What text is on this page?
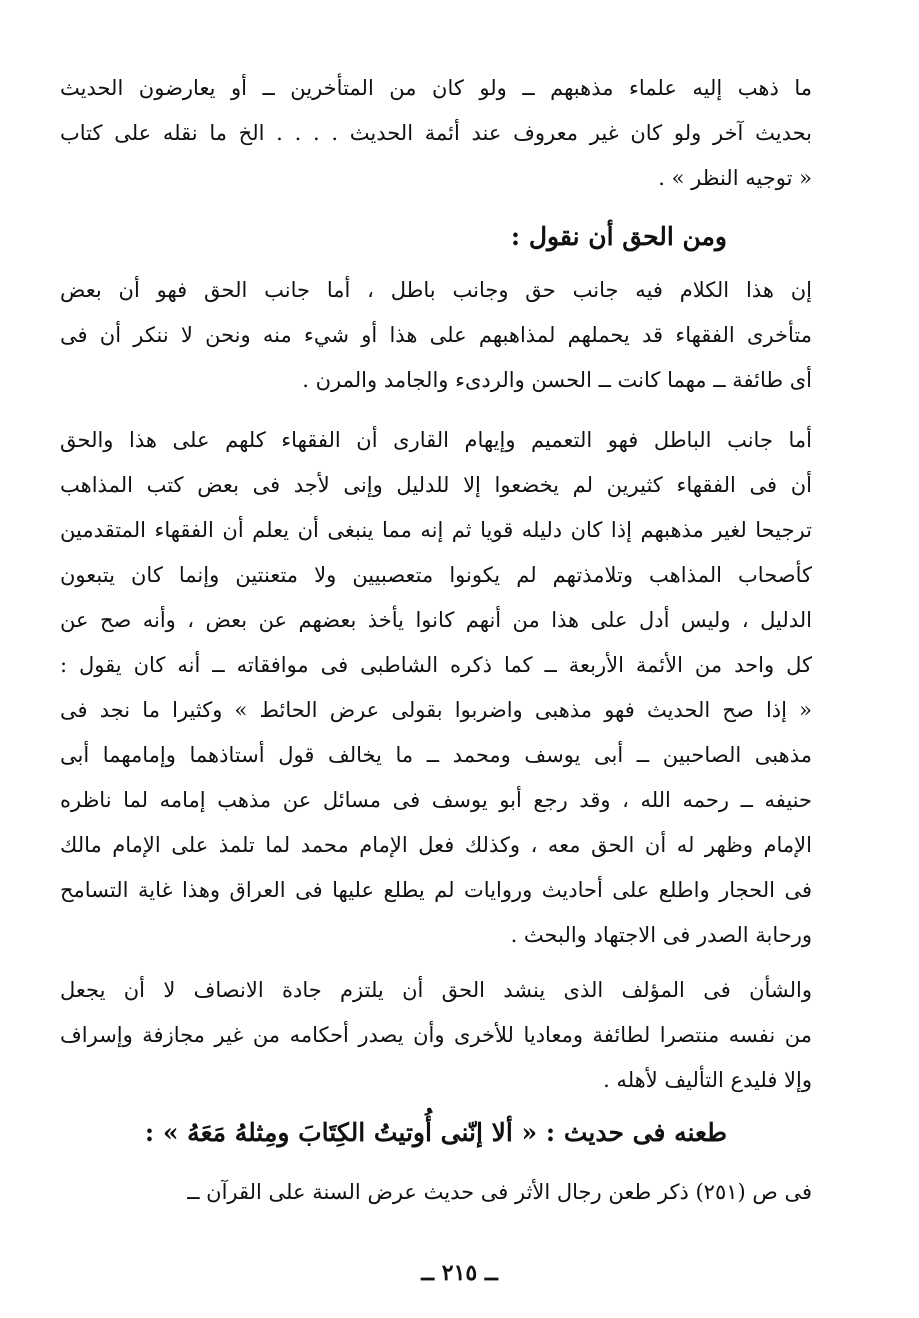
ما ذهب إليه علماء مذهبهم ــ ولو كان من المتأخرين ــ أو يعارضون الحديث
بحديث آخر ولو كان غير معروف عند أئمة الحديث . . . . الخ ما نقله على كتاب
« توجيه النظر » .
ومن الحق أن نقول :
إن هذا الكلام فيه جانب حق وجانب باطل ، أما جانب الحق فهو أن بعض
متأخرى الفقهاء قد يحملهم لمذاهبهم على هذا أو شيء منه ونحن لا ننكر أن فى
أى طائفة ــ مهما كانت ــ الحسن والردىء والجامد والمرن .
أما جانب الباطل فهو التعميم وإيهام القارى أن الفقهاء كلهم على هذا والحق
أن فى الفقهاء كثيرين لم يخضعوا إلا للدليل وإنى لأجد فى بعض كتب المذاهب
ترجيحا لغير مذهبهم إذا كان دليله قويا ثم إنه مما ينبغى أن يعلم أن الفقهاء المتقدمين
كأصحاب المذاهب وتلامذتهم لم يكونوا متعصبيين ولا متعنتين وإنما كان يتبعون
الدليل ، وليس أدل على هذا من أنهم كانوا يأخذ بعضهم عن بعض ، وأنه صح عن
كل واحد من الأئمة الأربعة ــ كما ذكره الشاطبى فى موافقاته ــ أنه كان يقول :
« إذا صح الحديث فهو مذهبى واضربوا بقولى عرض الحائط » وكثيرا ما نجد فى
مذهبى الصاحبين ــ أبى يوسف ومحمد ــ ما يخالف قول أستاذهما وإمامهما أبى
حنيفه ــ رحمه الله ، وقد رجع أبو يوسف فى مسائل عن مذهب إمامه لما ناظره
الإمام وظهر له أن الحق معه ، وكذلك فعل الإمام محمد لما تلمذ على الإمام مالك
فى الحجار واطلع على أحاديث وروايات لم يطلع عليها فى العراق وهذا غاية التسامح
ورحابة الصدر فى الاجتهاد والبحث .
والشأن فى المؤلف الذى ينشد الحق أن يلتزم جادة الانصاف لا أن يجعل
من نفسه منتصرا لطائفة ومعاديا للأخرى وأن يصدر أحكامه من غير مجازفة وإسراف
وإلا فليدع التأليف لأهله .
طعنه فى حديث : « ألا إنّنى أُوتيتُ الكِتَابَ ومِثلهُ مَعَهُ » :
فى ص (٢٥١) ذكر طعن رجال الأثر فى حديث عرض السنة على القرآن ــ
ــ ٢١٥ ــ
